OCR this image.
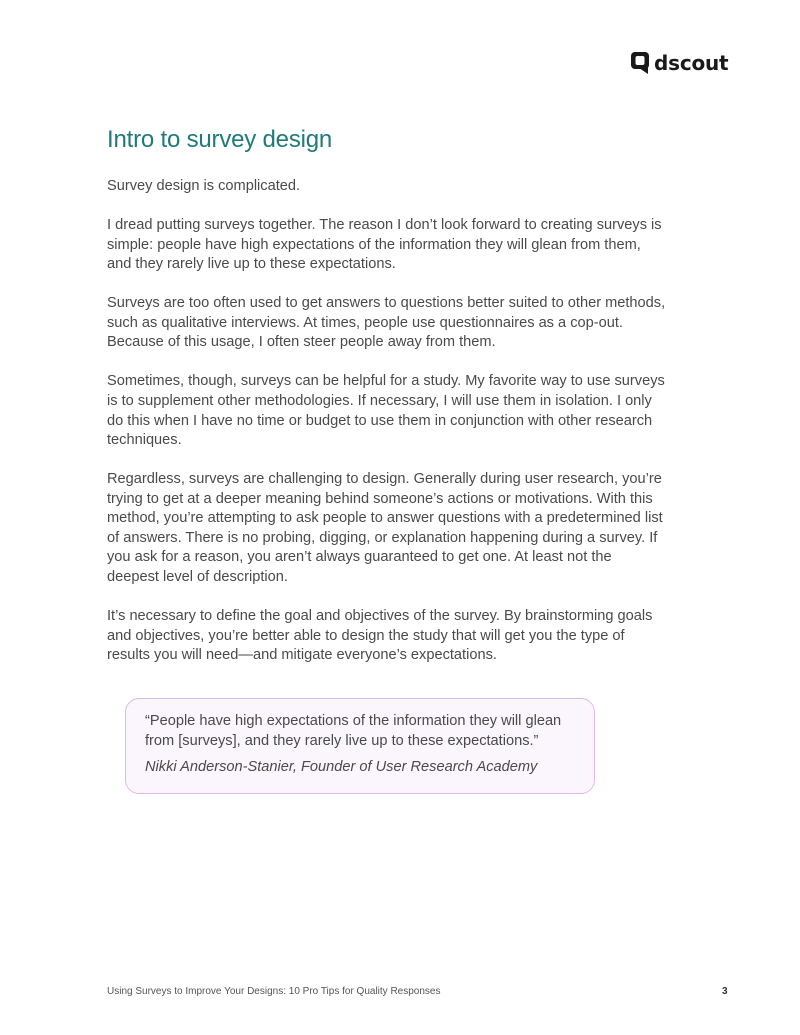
dscout
Intro to survey design

Survey design is complicated.

I dread putting surveys together. The reason I don’t look forward to creating surveys is simple: people have high expectations of the information they will glean from them, and they rarely live up to these expectations.

Surveys are too often used to get answers to questions better suited to other methods, such as qualitative interviews. At times, people use questionnaires as a cop-out. Because of this usage, I often steer people away from them.

Sometimes, though, surveys can be helpful for a study. My favorite way to use surveys is to supplement other methodologies. If necessary, I will use them in isolation. I only do this when I have no time or budget to use them in conjunction with other research techniques.

Regardless, surveys are challenging to design. Generally during user research, you’re trying to get at a deeper meaning behind someone’s actions or motivations. With this method, you’re attempting to ask people to answer questions with a predetermined list of answers. There is no probing, digging, or explanation happening during a survey. If you ask for a reason, you aren’t always guaranteed to get one. At least not the deepest level of description.

It’s necessary to define the goal and objectives of the survey. By brainstorming goals and objectives, you’re better able to design the study that will get you the type of results you will need—and mitigate everyone’s expectations.

“People have high expectations of the information they will glean from [surveys], and they rarely live up to these expectations.”

Nikki Anderson-Stanier, Founder of User Research Academy

Using Surveys to Improve Your Designs: 10 Pro Tips for Quality Responses	3
